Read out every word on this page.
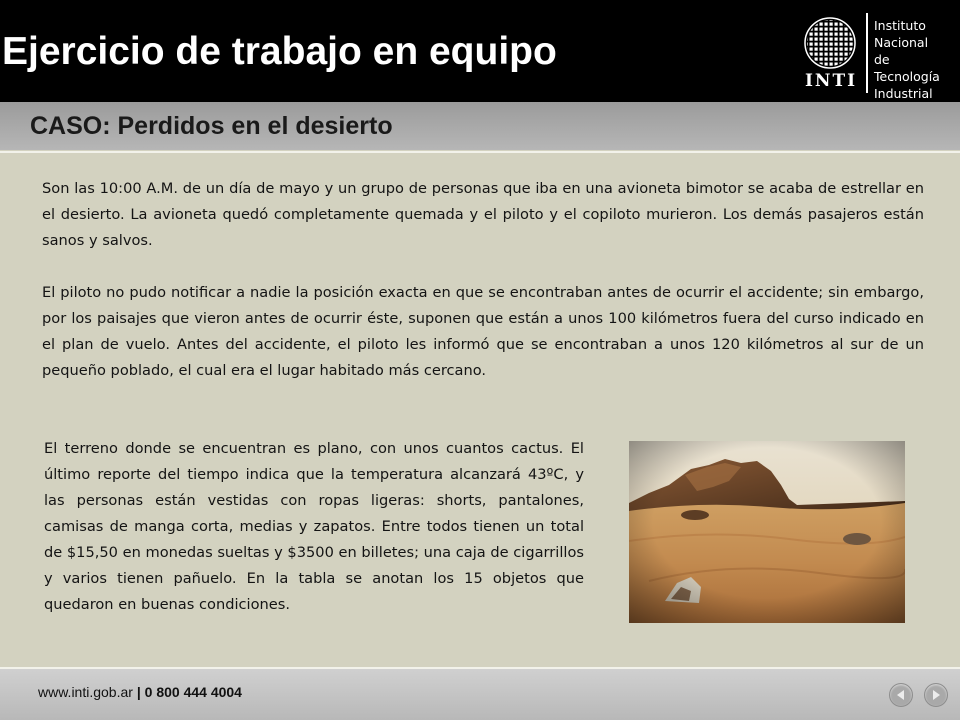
Ejercicio de trabajo en equipo
INTI
Instituto
Nacional
de Tecnología
Industrial
CASO: Perdidos en el desierto

Son las 10:00 A.M. de un día de mayo y un grupo de personas que iba en una avioneta bimotor se acaba de estrellar en el desierto. La avioneta quedó completamente quemada y el piloto y el copiloto murieron. Los demás pasajeros están sanos y salvos.

El piloto no pudo notificar a nadie la posición exacta en que se encontraban antes de ocurrir el accidente; sin embargo, por los paisajes que vieron antes de ocurrir éste, suponen que están a unos 100 kilómetros fuera del curso indicado en el plan de vuelo. Antes del accidente, el piloto les informó que se encontraban a unos 120 kilómetros al sur de un pequeño poblado, el cual era el lugar habitado más cercano.

El terreno donde se encuentran es plano, con unos cuantos cactus. El último reporte del tiempo indica que la temperatura alcanzará 43ºC, y las personas están vestidas con ropas ligeras: shorts, pantalones, camisas de manga corta, medias y zapatos. Entre todos tienen un total de $15,50 en monedas sueltas y $3500 en billetes; una caja de cigarrillos y varios tienen pañuelo. En la tabla se anotan los 15 objetos que quedaron en buenas condiciones.

www.inti.gob.ar | 0 800 444 4004
